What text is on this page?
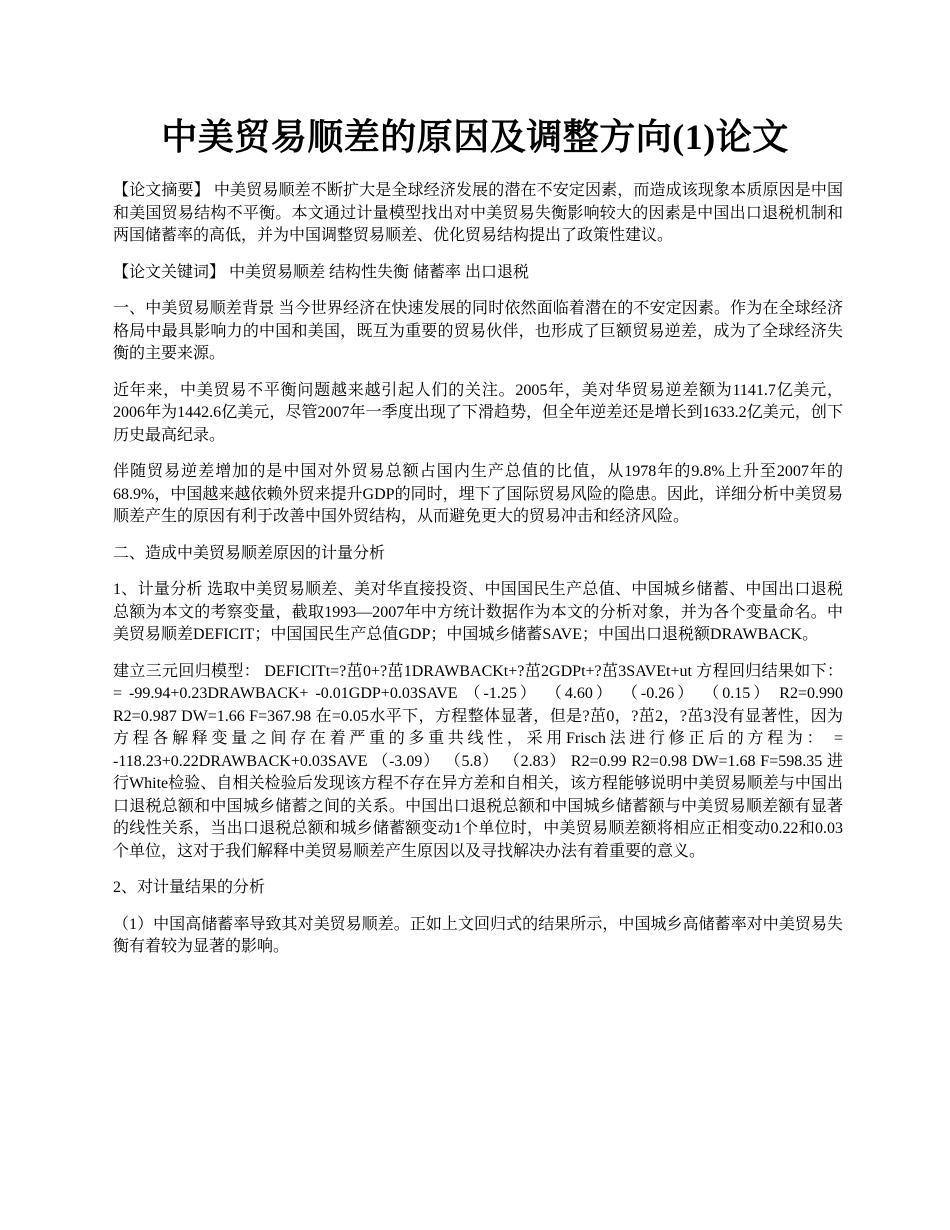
中美贸易顺差的原因及调整方向(1)论文

【论文摘要】 中美贸易顺差不断扩大是全球经济发展的潜在不安定因素，而造成该现象本质原因是中国和美国贸易结构不平衡。本文通过计量模型找出对中美贸易失衡影响较大的因素是中国出口退税机制和两国储蓄率的高低，并为中国调整贸易顺差、优化贸易结构提出了政策性建议。

【论文关键词】 中美贸易顺差 结构性失衡 储蓄率 出口退税

一、中美贸易顺差背景 当今世界经济在快速发展的同时依然面临着潜在的不安定因素。作为在全球经济格局中最具影响力的中国和美国，既互为重要的贸易伙伴，也形成了巨额贸易逆差，成为了全球经济失衡的主要来源。

近年来，中美贸易不平衡问题越来越引起人们的关注。2005年，美对华贸易逆差额为1141.7亿美元，2006年为1442.6亿美元，尽管2007年一季度出现了下滑趋势，但全年逆差还是增长到1633.2亿美元，创下历史最高纪录。

伴随贸易逆差增加的是中国对外贸易总额占国内生产总值的比值，从1978年的9.8%上升至2007年的68.9%，中国越来越依赖外贸来提升GDP的同时，埋下了国际贸易风险的隐患。因此，详细分析中美贸易顺差产生的原因有利于改善中国外贸结构，从而避免更大的贸易冲击和经济风险。

二、造成中美贸易顺差原因的计量分析

1、计量分析 选取中美贸易顺差、美对华直接投资、中国国民生产总值、中国城乡储蓄、中国出口退税总额为本文的考察变量，截取1993—2007年中方统计数据作为本文的分析对象，并为各个变量命名。中美贸易顺差DEFICIT；中国国民生产总值GDP；中国城乡储蓄SAVE；中国出口退税额DRAWBACK。

建立三元回归模型： DEFICITt=?茁0+?茁1DRAWBACKt+?茁2GDPt+?茁3SAVEt+ut 方程回归结果如下： = -99.94+0.23DRAWBACK+ -0.01GDP+0.03SAVE （-1.25） （4.60） （-0.26） （0.15） R2=0.990 R2=0.987 DW=1.66 F=367.98 在=0.05水平下，方程整体显著，但是?茁0，?茁2，?茁3没有显著性，因为方程各解释变量之间存在着严重的多重共线性，采用Frisch法进行修正后的方程为： = -118.23+0.22DRAWBACK+0.03SAVE （-3.09） （5.8） （2.83） R2=0.99 R2=0.98 DW=1.68 F=598.35 进行White检验、自相关检验后发现该方程不存在异方差和自相关，该方程能够说明中美贸易顺差与中国出口退税总额和中国城乡储蓄之间的关系。中国出口退税总额和中国城乡储蓄额与中美贸易顺差额有显著的线性关系，当出口退税总额和城乡储蓄额变动1个单位时，中美贸易顺差额将相应正相变动0.22和0.03个单位，这对于我们解释中美贸易顺差产生原因以及寻找解决办法有着重要的意义。

2、对计量结果的分析

（1）中国高储蓄率导致其对美贸易顺差。正如上文回归式的结果所示，中国城乡高储蓄率对中美贸易失衡有着较为显著的影响。
